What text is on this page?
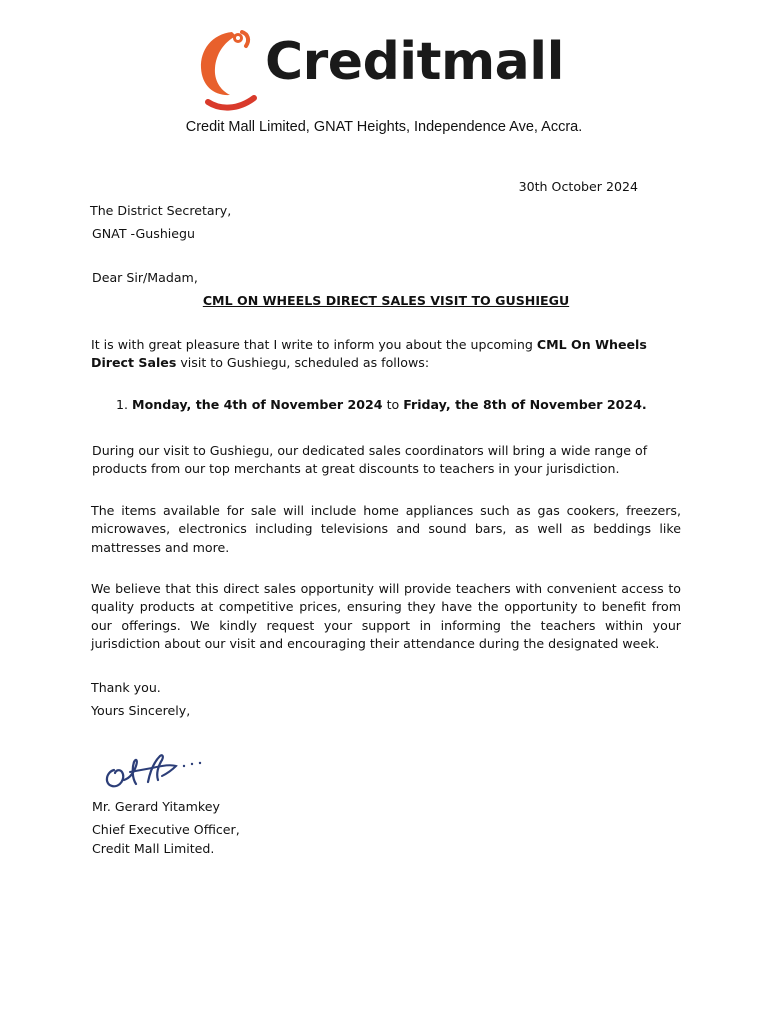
Creditmall
Credit Mall Limited, GNAT Heights, Independence Ave, Accra.
30th October 2024
The District Secretary,
GNAT -Gushiegu
Dear Sir/Madam,
CML ON WHEELS DIRECT SALES VISIT TO GUSHIEGU
It is with great pleasure that I write to inform you about the upcoming CML On Wheels Direct Sales visit to Gushiegu, scheduled as follows:
1. Monday, the 4th of November 2024 to Friday, the 8th of November 2024.
During our visit to Gushiegu, our dedicated sales coordinators will bring a wide range of products from our top merchants at great discounts to teachers in your jurisdiction.
The items available for sale will include home appliances such as gas cookers, freezers, microwaves, electronics including televisions and sound bars, as well as beddings like mattresses and more.
We believe that this direct sales opportunity will provide teachers with convenient access to quality products at competitive prices, ensuring they have the opportunity to benefit from our offerings. We kindly request your support in informing the teachers within your jurisdiction about our visit and encouraging their attendance during the designated week.
Thank you.
Yours Sincerely,
Mr. Gerard Yitamkey
Chief Executive Officer,
Credit Mall Limited.
